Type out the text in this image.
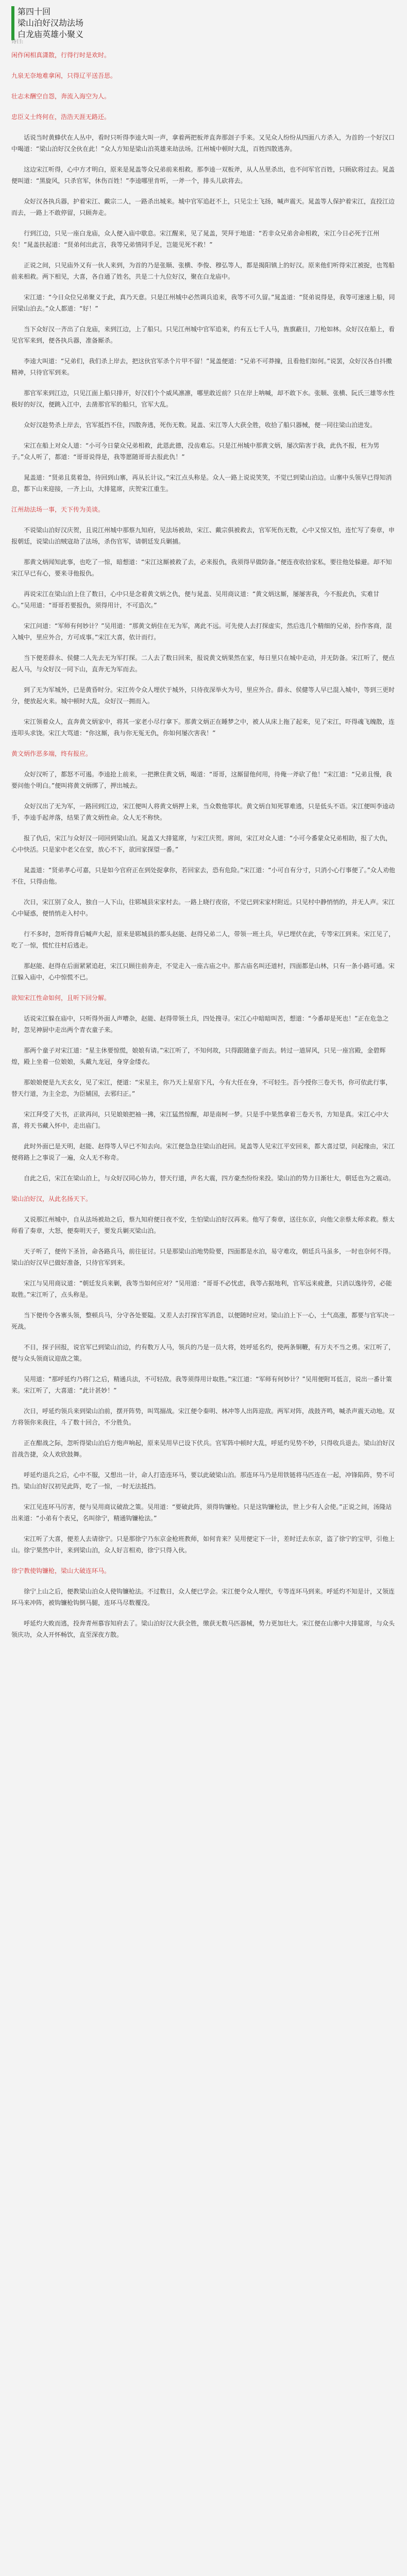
第四十回
梁山泊好汉劫法场
白龙庙英雄小聚义
诗曰:

闲作闲相真潇散，行得行时是欢时。

九泉无奈地难拿闲，只得辽平送吾思。

壮志未酬空自怨，奔流入海空为人。

忠臣义士终何在，浩浩天涯无路还。

话说当时黄蜂伏在人丛中，看时只听得李逵大叫一声，拿着两把板斧直奔那刽子手来。又见众人纷纷从四面八方杀入，为首的一个好汉口中喝道：“梁山泊好汉全伙在此！”众人方知是梁山泊英雄来劫法场。江州城中顿时大乱，百姓四散逃奔。

这边宋江听得，心中方才明白，原来是晁盖等众兄弟前来相救。那李逵一双板斧，从人丛里杀出，也不问军官百姓，只顾砍将过去。晁盖便叫道：“黑旋风，只杀官军，休伤百姓！”李逵哪里肯听，一斧一个，排头儿砍将去。

众好汉各执兵器，护着宋江、戴宗二人，一路杀出城来。城中官军追赶不上，只见尘土飞扬，喊声震天。晁盖等人保护着宋江，直投江边而去，一路上不敢停留，只顾奔走。

行到江边，只见一座白龙庙，众人便入庙中歇息。宋江醒来，见了晁盖，哭拜于地道：“若非众兄弟舍命相救，宋江今日必死于江州矣！”晁盖扶起道：“贤弟何出此言，我等兄弟情同手足，岂能见死不救！”

正说之间，只见庙外又有一伙人来到，为首的乃是张顺、张横、李俊、穆弘等人，都是揭阳镇上的好汉。原来他们听得宋江被捉，也驾船前来相救。两下相见，大喜，各自通了姓名，共是二十九位好汉，聚在白龙庙中。

宋江道：“今日众位兄弟聚义于此，真乃天意。只是江州城中必然调兵追来，我等不可久留。”晁盖道：“贤弟说得是，我等可速速上船，同回梁山泊去。”众人都道：“好！”

当下众好汉一齐出了白龙庙，来到江边，上了船只。只见江州城中官军追来，约有五七千人马，旌旗蔽日，刀枪如林。众好汉在船上，看见官军来到，便各执兵器，准备厮杀。

李逵大叫道：“兄弟们，我们杀上岸去，把这伙官军杀个片甲不留！”晁盖便道：“兄弟不可莽撞，且看他们如何。”说罢，众好汉各自抖擞精神，只待官军到来。

那官军来到江边，只见江面上船只排开，好汉们个个威风凛凛，哪里敢近前？只在岸上呐喊，却不敢下水。张顺、张横、阮氏三雄等水性极好的好汉，便跳入江中，去凿那官军的船只，官军大乱。

众好汉趁势杀上岸去，官军抵挡不住，四散奔逃，死伤无数。晁盖、宋江等人大获全胜，收拾了船只器械，便一同往梁山泊进发。

宋江在船上对众人道：“小可今日蒙众兄弟相救，此恩此德，没齿难忘。只是江州城中那黄文炳，屡次陷害于我，此仇不报，枉为男子。”众人听了，都道：“哥哥说得是，我等愿随哥哥去报此仇！”

晁盖道：“贤弟且莫着急，待回到山寨，再从长计议。”宋江点头称是。众人一路上说说笑笑，不觉已到梁山泊边。山寨中头领早已得知消息，都下山来迎接，一齐上山，大排筵席，庆贺宋江重生。

江州劫法场一事，天下传为美谈。

不说梁山泊好汉庆贺，且说江州城中那蔡九知府，见法场被劫，宋江、戴宗俱被救去，官军死伤无数，心中又惊又怕，连忙写了奏章，申报朝廷，说梁山泊贼寇劫了法场，杀伤官军，请朝廷发兵剿捕。

那黄文炳闻知此事，也吃了一惊，暗想道：“宋江这厮被救了去，必来报仇，我须得早做防备。”便连夜收拾家私，要往他处躲避。却不知宋江早已有心，要来寻他报仇。

再说宋江在梁山泊上住了数日，心中只是念着黄文炳之仇，便与晁盖、吴用商议道：“黄文炳这厮，屡屡害我，今不报此仇，实难甘心。”吴用道：“哥哥若要报仇，须得用计，不可造次。”

宋江问道：“军师有何妙计？”吴用道：“那黄文炳住在无为军，离此不远。可先使人去打探虚实，然后选几个精细的兄弟，扮作客商，混入城中，里应外合，方可成事。”宋江大喜，依计而行。

当下便差薛永、侯健二人先去无为军打探。二人去了数日回来，报说黄文炳果然在家，每日里只在城中走动，并无防备。宋江听了，便点起人马，与众好汉一同下山，直奔无为军而去。

到了无为军城外，已是黄昏时分。宋江传令众人埋伏于城外，只待夜深举火为号，里应外合。薛永、侯健等人早已混入城中，等到三更时分，便放起火来。城中顿时大乱，众好汉一拥而入。

宋江领着众人，直奔黄文炳家中，将其一家老小尽行拿下。那黄文炳正在睡梦之中，被人从床上拖了起来，见了宋江，吓得魂飞魄散，连连叩头求饶。宋江大骂道：“你这厮，我与你无冤无仇，你如何屡次害我！”

黄文炳作恶多端，终有报应。

众好汉听了，都怒不可遏。李逵抢上前来，一把揪住黄文炳，喝道：“哥哥，这厮留他何用，待俺一斧砍了他！”宋江道：“兄弟且慢，我要问他个明白。”便叫将黄文炳绑了，押出城去。

众好汉出了无为军，一路回到江边，宋江便叫人将黄文炳押上来，当众数他罪状。黄文炳自知死罪难逃，只是低头不语。宋江便叫李逵动手，李逵手起斧落，结果了黄文炳性命。众人无不称快。

报了仇后，宋江与众好汉一同回到梁山泊。晁盖又大排筵席，与宋江庆贺。席间，宋江对众人道：“小可今番蒙众兄弟相助，报了大仇，心中快活。只是家中老父在堂，放心不下，欲回家探望一番。”

晁盖道：“贤弟孝心可嘉，只是如今官府正在到处捉拿你，若回家去，恐有危险。”宋江道：“小可自有分寸，只消小心行事便了。”众人劝他不住，只得由他。

次日，宋江别了众人，独自一人下山，往郓城县宋家村去。一路上晓行夜宿，不觉已到宋家村附近。只见村中静悄悄的，并无人声。宋江心中疑惑，便悄悄走入村中。

行不多时，忽听得背后喊声大起，原来是郓城县的都头赵能、赵得兄弟二人，带领一班土兵，早已埋伏在此，专等宋江到来。宋江见了，吃了一惊，慌忙往村后逃走。

那赵能、赵得在后面紧紧追赶，宋江只顾往前奔走，不觉走入一座古庙之中。那古庙名叫还道村，四面都是山林，只有一条小路可通。宋江躲入庙中，心中惊慌不已。

欲知宋江性命如何，且听下回分解。

话说宋江躲在庙中，只听得外面人声嘈杂，赵能、赵得带领土兵，四处搜寻。宋江心中暗暗叫苦，想道：“今番却是死也！”正在危急之时，忽见神厨中走出两个青衣童子来。

那两个童子对宋江道：“星主休要惊慌，娘娘有请。”宋江听了，不知何故，只得跟随童子而去。转过一道屏风，只见一座宫殿，金碧辉煌，殿上坐着一位娘娘，头戴九龙冠，身穿金缕衣。

那娘娘便是九天玄女，见了宋江，便道：“宋星主，你乃天上星宿下凡，今有大任在身，不可轻生。吾今授你三卷天书，你可依此行事，替天行道，为主全忠，为臣辅国，去邪归正。”

宋江拜受了天书，正欲再问，只见娘娘把袖一拂，宋江猛然惊醒，却是南柯一梦。只是手中果然拿着三卷天书，方知是真。宋江心中大喜，将天书藏入怀中，走出庙门。

此时外面已是天明，赵能、赵得等人早已不知去向。宋江便急急往梁山泊赶回。晁盖等人见宋江平安回来，都大喜过望，问起缘由，宋江便将路上之事说了一遍，众人无不称奇。

自此之后，宋江在梁山泊上，与众好汉同心协力，替天行道，声名大震，四方豪杰纷纷来投。梁山泊的势力日渐壮大，朝廷也为之震动。

梁山泊好汉，从此名扬天下。

又说那江州城中，自从法场被劫之后，蔡九知府便日夜不安，生怕梁山泊好汉再来。他写了奏章，送往东京，向他父亲蔡太师求救。蔡太师看了奏章，大怒，便奏明天子，要发兵剿灭梁山泊。

天子听了，便传下圣旨，命各路兵马，前往征讨。只是那梁山泊地势险要，四面都是水泊，易守难攻，朝廷兵马虽多，一时也奈何不得。梁山泊好汉早已做好准备，只待官军到来。

宋江与吴用商议道：“朝廷发兵来剿，我等当如何应对？”吴用道：“哥哥不必忧虑，我等占据地利，官军远来疲惫，只消以逸待劳，必能取胜。”宋江听了，点头称是。

当下便传令各寨头领，整顿兵马，分守各处要隘。又差人去打探官军消息，以便随时应对。梁山泊上下一心，士气高涨，都要与官军决一死战。

不日，探子回报，说官军已到梁山泊边，约有数万人马，领兵的乃是一员大将，姓呼延名灼，使两条铜鞭，有万夫不当之勇。宋江听了，便与众头领商议迎敌之策。

吴用道：“那呼延灼乃将门之后，精通兵法，不可轻敌。我等须得用计取胜。”宋江道：“军师有何妙计？”吴用便附耳低言，说出一番计策来。宋江听了，大喜道：“此计甚妙！”

次日，呼延灼领兵来到梁山泊前，摆开阵势，叫骂搦战。宋江便令秦明、林冲等人出阵迎敌。两军对阵，战鼓齐鸣，喊杀声震天动地。双方将领你来我往，斗了数十回合，不分胜负。

正在酣战之际，忽听得梁山泊后方炮声响起，原来吴用早已设下伏兵。官军阵中顿时大乱，呼延灼见势不妙，只得收兵退去。梁山泊好汉首战告捷，众人欢欣鼓舞。

呼延灼退兵之后，心中不服，又想出一计，命人打造连环马，要以此破梁山泊。那连环马乃是用铁链将马匹连在一起，冲锋陷阵，势不可挡。梁山泊好汉初见此阵，吃了一惊，一时无法抵挡。

宋江见连环马厉害，便与吴用商议破敌之策。吴用道：“要破此阵，须得钩镰枪。只是这钩镰枪法，世上少有人会使。”正说之间，汤隆站出来道：“小弟有个表兄，名叫徐宁，精通钩镰枪法。”

宋江听了大喜，便差人去请徐宁。只是那徐宁乃东京金枪班教师，如何肯来？吴用便定下一计，差时迁去东京，盗了徐宁的宝甲，引他上山。徐宁果然中计，来到梁山泊，众人好言相劝，徐宁只得入伙。

徐宁教使钩镰枪，梁山大破连环马。

徐宁上山之后，便教梁山泊众人使钩镰枪法。不过数日，众人便已学会。宋江便令众人埋伏，专等连环马到来。呼延灼不知是计，又领连环马来冲阵，被钩镰枪钩倒马腿，连环马尽数覆没。

呼延灼大败而逃，投奔青州慕容知府去了。梁山泊好汉大获全胜，缴获无数马匹器械，势力更加壮大。宋江便在山寨中大排筵席，与众头领庆功，众人开怀畅饮，直至深夜方散。
